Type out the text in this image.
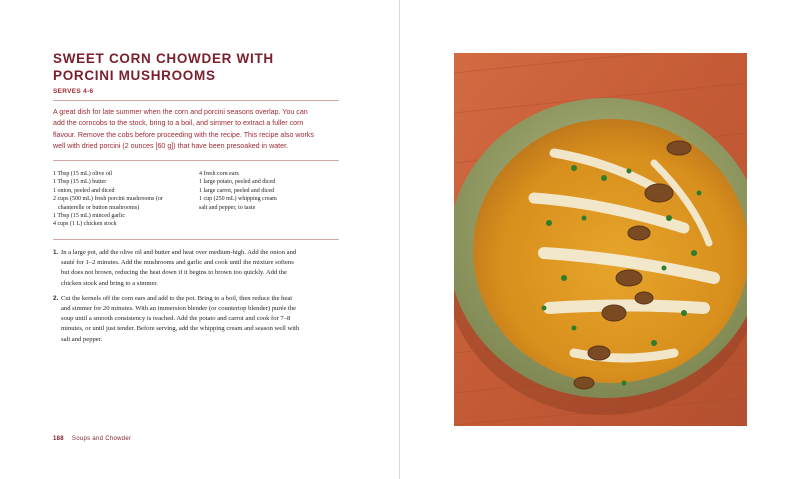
SWEET CORN CHOWDER WITH
PORCINI MUSHROOMS
SERVES 4-6

A great dish for late summer when the corn and porcini seasons overlap. You can
add the corncobs to the stock, bring to a boil, and simmer to extract a fuller corn
flavour. Remove the cobs before proceeding with the recipe. This recipe also works
well with dried porcini (2 ounces [60 g]) that have been presoaked in water.

1 Tbsp (15 mL) olive oil
1 Tbsp (15 mL) butter
1 onion, peeled and diced
2 cups (500 mL) fresh porcini mushrooms (or
chanterelle or button mushrooms)
1 Tbsp (15 mL) minced garlic
4 cups (1 L) chicken stock
4 fresh corn ears
1 large potato, peeled and diced
1 large carrot, peeled and diced
1 cup (250 mL) whipping cream
salt and pepper, to taste
1. In a large pot, add the olive oil and butter and heat over medium-high. Add the onion and
sauté for 1–2 minutes. Add the mushrooms and garlic and cook until the mixture softens
but does not brown, reducing the heat down if it begins to brown too quickly. Add the
chicken stock and bring to a simmer.
2. Cut the kernels off the corn ears and add to the pot. Bring to a boil, then reduce the heat
and simmer for 20 minutes. With an immersion blender (or countertop blender) purée the
soup until a smooth consistency is reached. Add the potato and carrot and cook for 7–8
minutes, or until just tender. Before serving, add the whipping cream and season well with
salt and pepper.
188 Soups and Chowder
